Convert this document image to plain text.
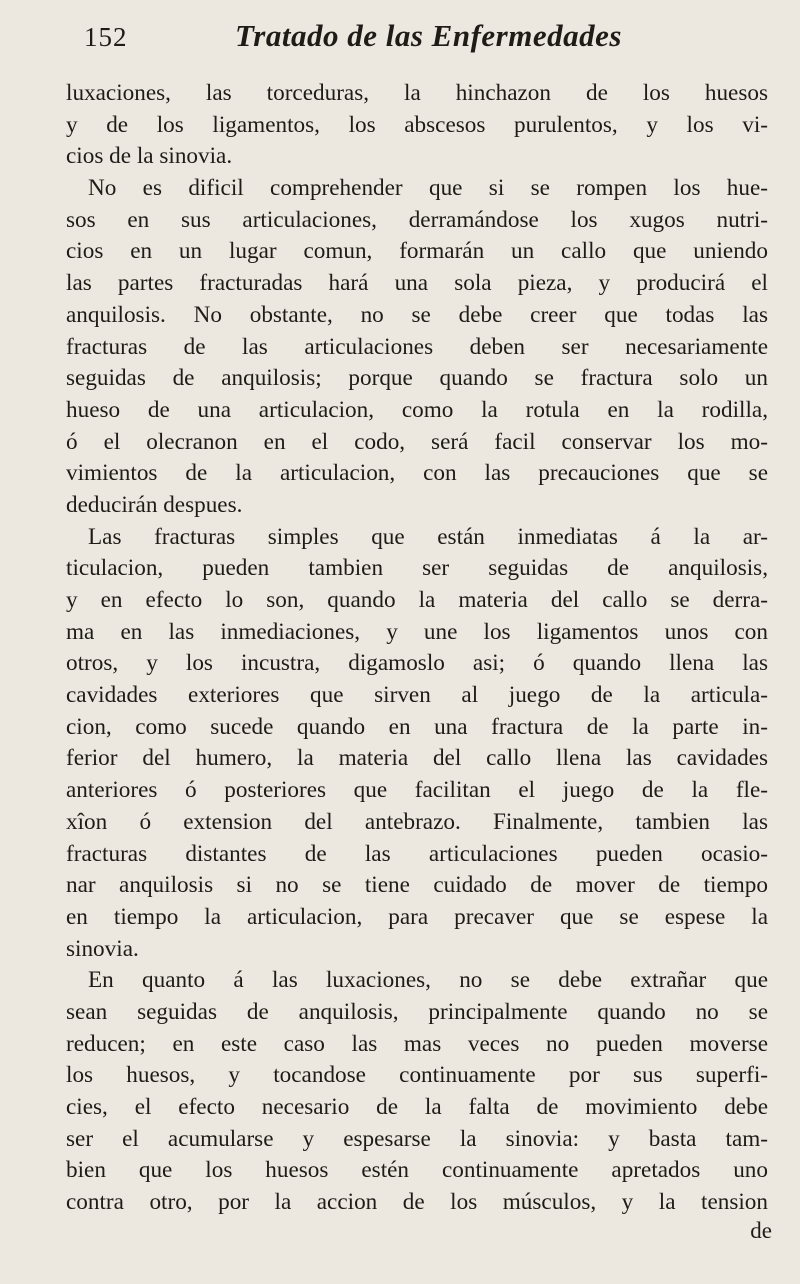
152	Tratado de las Enfermedades
luxaciones, las torceduras, la hinchazon de los huesos
y de los ligamentos, los abscesos purulentos, y los vi-
cios de la sinovia.
No es dificil comprehender que si se rompen los hue-
sos en sus articulaciones, derramándose los xugos nutri-
cios en un lugar comun, formarán un callo que uniendo
las partes fracturadas hará una sola pieza, y producirá el
anquilosis. No obstante, no se debe creer que todas las
fracturas de las articulaciones deben ser necesariamente
seguidas de anquilosis; porque quando se fractura solo un
hueso de una articulacion, como la rotula en la rodilla,
ó el olecranon en el codo, será facil conservar los mo-
vimientos de la articulacion, con las precauciones que se
deducirán despues.
Las fracturas simples que están inmediatas á la ar-
ticulacion, pueden tambien ser seguidas de anquilosis,
y en efecto lo son, quando la materia del callo se derra-
ma en las inmediaciones, y une los ligamentos unos con
otros, y los incustra, digamoslo asi; ó quando llena las
cavidades exteriores que sirven al juego de la articula-
cion, como sucede quando en una fractura de la parte in-
ferior del humero, la materia del callo llena las cavidades
anteriores ó posteriores que facilitan el juego de la fle-
xîon ó extension del antebrazo. Finalmente, tambien las
fracturas distantes de las articulaciones pueden ocasio-
nar anquilosis si no se tiene cuidado de mover de tiempo
en tiempo la articulacion, para precaver que se espese la
sinovia.
En quanto á las luxaciones, no se debe extrañar que
sean seguidas de anquilosis, principalmente quando no se
reducen; en este caso las mas veces no pueden moverse
los huesos, y tocandose continuamente por sus superfi-
cies, el efecto necesario de la falta de movimiento debe
ser el acumularse y espesarse la sinovia: y basta tam-
bien que los huesos estén continuamente apretados uno
contra otro, por la accion de los músculos, y la tension
de
